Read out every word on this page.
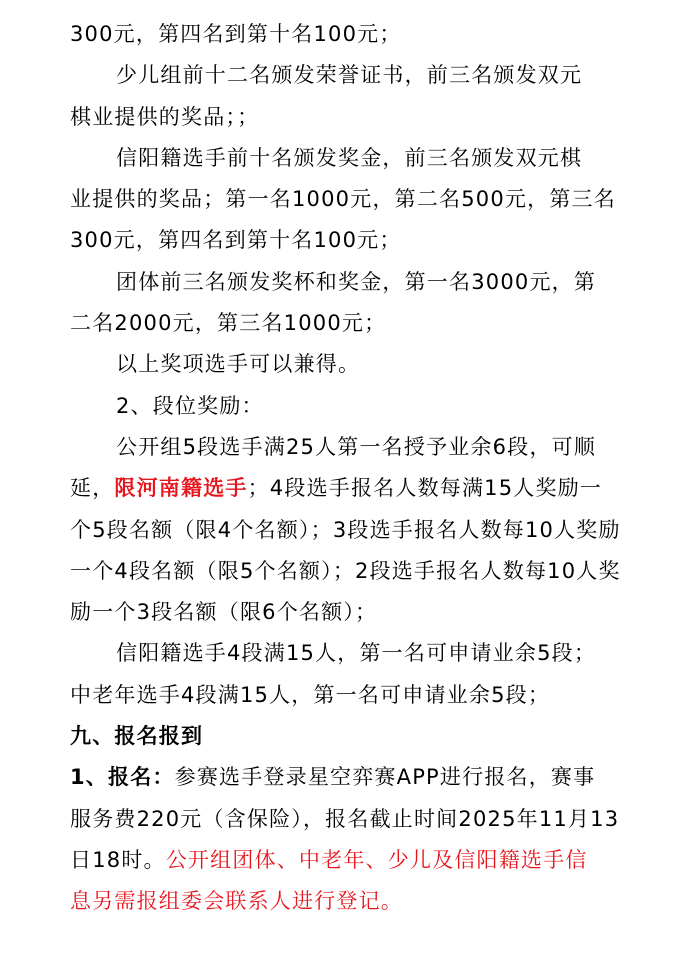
300元，第四名到第十名100元；
少儿组前十二名颁发荣誉证书，前三名颁发双元
棋业提供的奖品；；
信阳籍选手前十名颁发奖金，前三名颁发双元棋
业提供的奖品；第一名1000元，第二名500元，第三名
300元，第四名到第十名100元；
团体前三名颁发奖杯和奖金，第一名3000元，第
二名2000元，第三名1000元；
以上奖项选手可以兼得。
2、段位奖励：
公开组5段选手满25人第一名授予业余6段，可顺
延，限河南籍选手；4段选手报名人数每满15人奖励一
个5段名额（限4个名额）；3段选手报名人数每10人奖励
一个4段名额（限5个名额）；2段选手报名人数每10人奖
励一个3段名额（限6个名额）；
信阳籍选手4段满15人，第一名可申请业余5段；
中老年选手4段满15人，第一名可申请业余5段；
九、报名报到
1、报名：参赛选手登录星空弈赛APP进行报名，赛事
服务费220元（含保险），报名截止时间2025年11月13
日18时。公开组团体、中老年、少儿及信阳籍选手信
息另需报组委会联系人进行登记。
